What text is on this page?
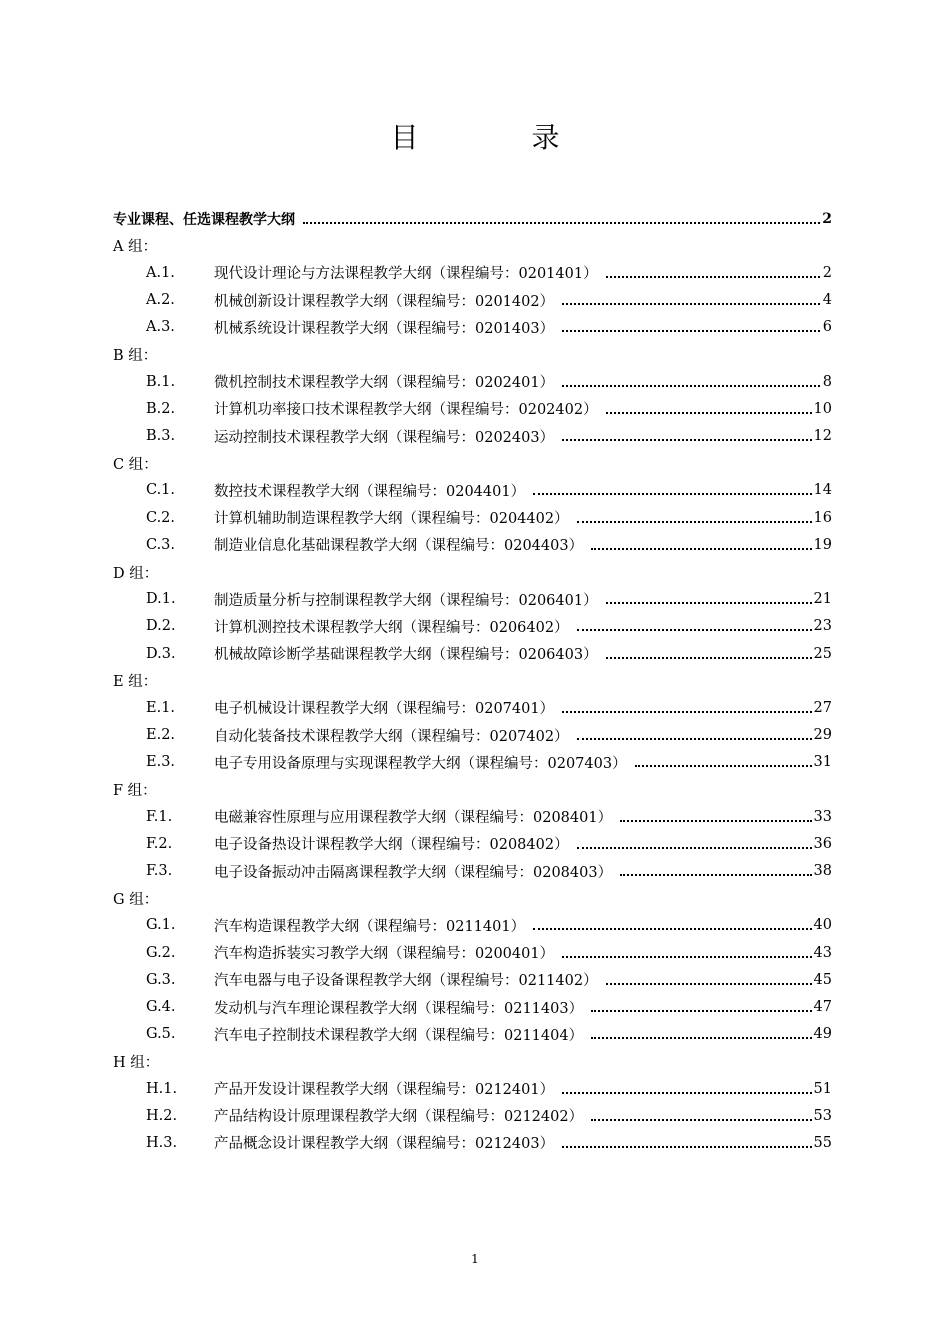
目 录
专业课程、任选课程教学大纲	2
A 组：
A.1.	现代设计理论与方法课程教学大纲（课程编号：0201401）	2
A.2.	机械创新设计课程教学大纲（课程编号：0201402）	4
A.3.	机械系统设计课程教学大纲（课程编号：0201403）	6
B 组：
B.1.	微机控制技术课程教学大纲（课程编号：0202401）	8
B.2.	计算机功率接口技术课程教学大纲（课程编号：0202402）	10
B.3.	运动控制技术课程教学大纲（课程编号：0202403）	12
C 组：
C.1.	数控技术课程教学大纲（课程编号：0204401）	14
C.2.	计算机辅助制造课程教学大纲（课程编号：0204402）	16
C.3.	制造业信息化基础课程教学大纲（课程编号：0204403）	19
D 组：
D.1.	制造质量分析与控制课程教学大纲（课程编号：0206401）	21
D.2.	计算机测控技术课程教学大纲（课程编号：0206402）	23
D.3.	机械故障诊断学基础课程教学大纲（课程编号：0206403）	25
E 组：
E.1.	电子机械设计课程教学大纲（课程编号：0207401）	27
E.2.	自动化装备技术课程教学大纲（课程编号：0207402）	29
E.3.	电子专用设备原理与实现课程教学大纲（课程编号：0207403）	31
F 组：
F.1.	电磁兼容性原理与应用课程教学大纲（课程编号：0208401）	33
F.2.	电子设备热设计课程教学大纲（课程编号：0208402）	36
F.3.	电子设备振动冲击隔离课程教学大纲（课程编号：0208403）	38
G 组：
G.1.	汽车构造课程教学大纲（课程编号：0211401）	40
G.2.	汽车构造拆装实习教学大纲（课程编号：0200401）	43
G.3.	汽车电器与电子设备课程教学大纲（课程编号：0211402）	45
G.4.	发动机与汽车理论课程教学大纲（课程编号：0211403）	47
G.5.	汽车电子控制技术课程教学大纲（课程编号：0211404）	49
H 组：
H.1.	产品开发设计课程教学大纲（课程编号：0212401）	51
H.2.	产品结构设计原理课程教学大纲（课程编号：0212402）	53
H.3.	产品概念设计课程教学大纲（课程编号：0212403）	55
1
